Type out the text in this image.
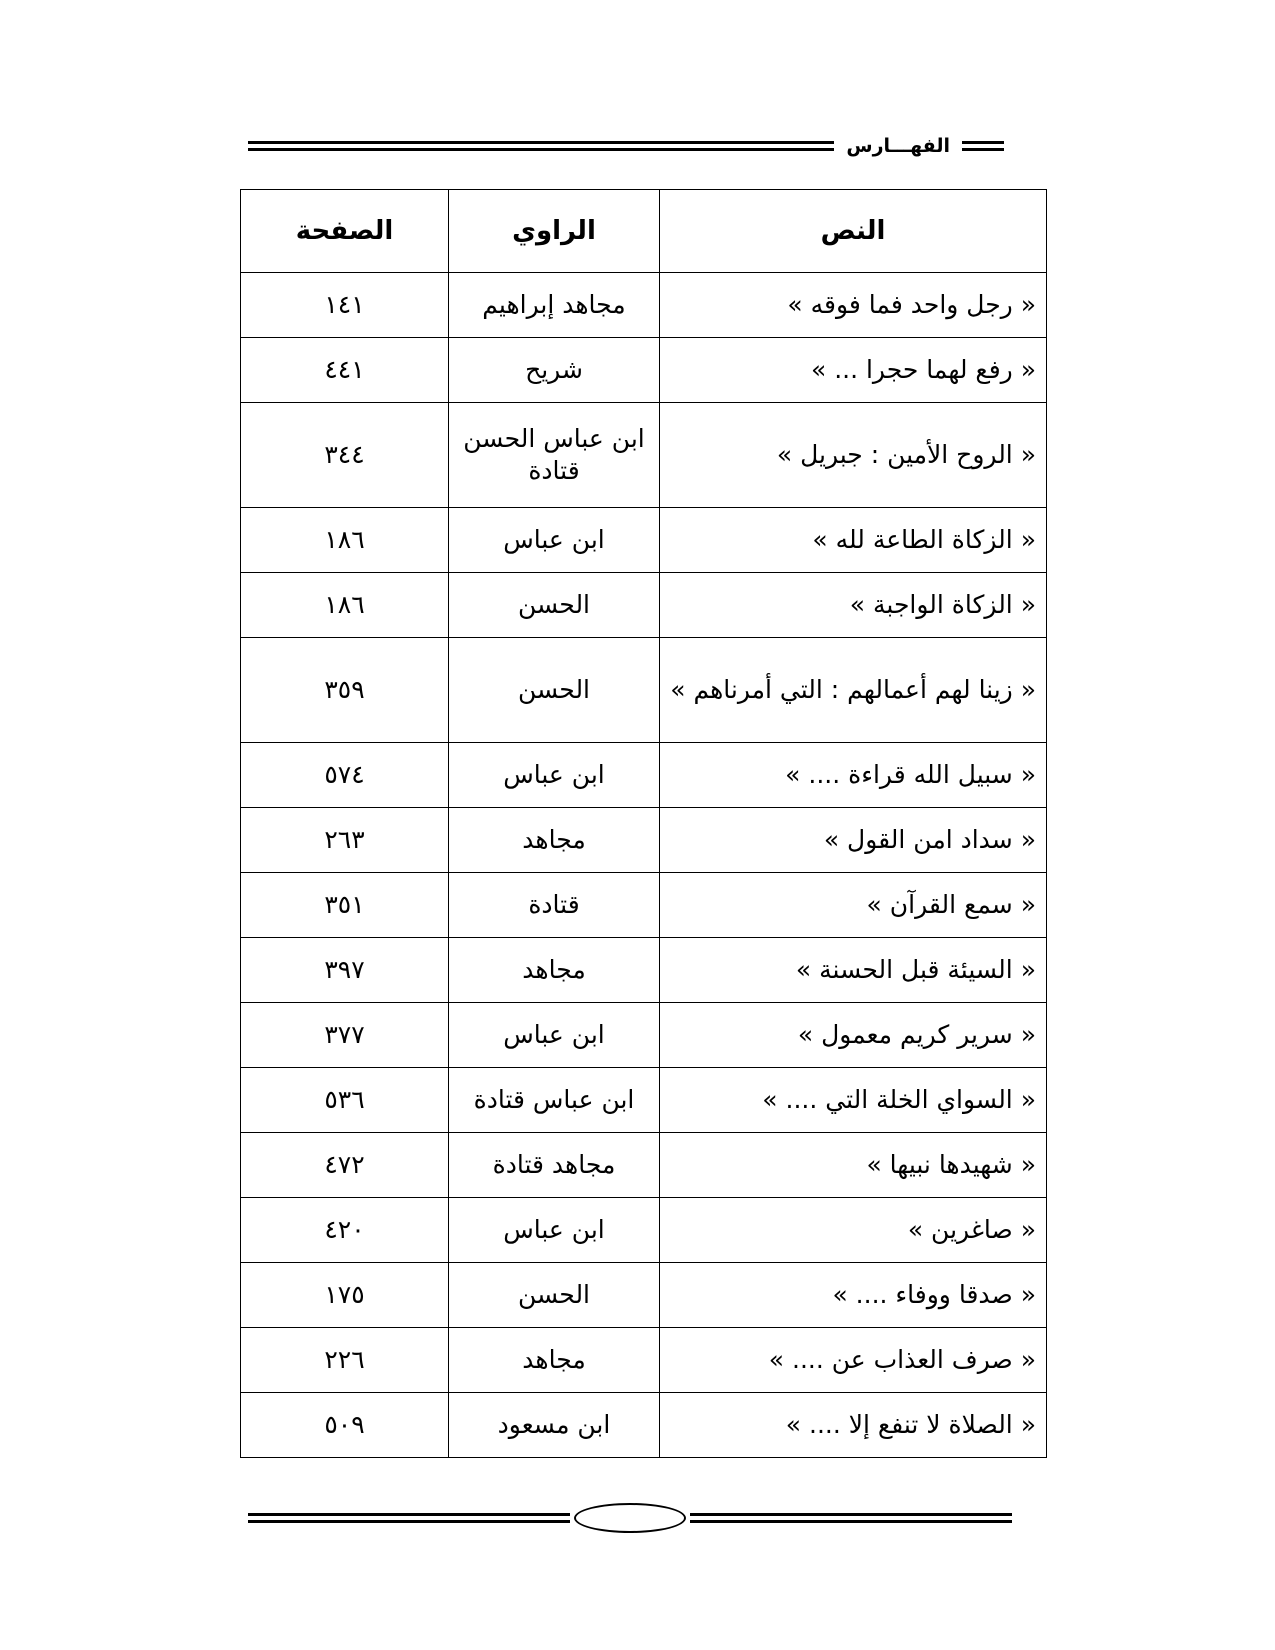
الفهـــارس
النص	الراوي	الصفحة
« رجل واحد فما فوقه »	مجاهد إبراهيم	١٤١
« رفع لهما حجرا ... »	شريح	٤٤١
« الروح الأمين : جبريل »	ابن عباس الحسن قتادة	٣٤٤
« الزكاة الطاعة لله »	ابن عباس	١٨٦
« الزكاة الواجبة »	الحسن	١٨٦
« زينا لهم أعمالهم : التي أمرناهم »	الحسن	٣٥٩
« سبيل الله قراءة .... »	ابن عباس	٥٧٤
« سداد امن القول »	مجاهد	٢٦٣
« سمع القرآن »	قتادة	٣٥١
« السيئة قبل الحسنة »	مجاهد	٣٩٧
« سرير كريم معمول »	ابن عباس	٣٧٧
« السواي الخلة التي .... »	ابن عباس قتادة	٥٣٦
« شهيدها نبيها »	مجاهد قتادة	٤٧٢
« صاغرين »	ابن عباس	٤٢٠
« صدقا ووفاء .... »	الحسن	١٧٥
« صرف العذاب عن .... »	مجاهد	٢٢٦
« الصلاة لا تنفع إلا .... »	ابن مسعود	٥٠٩
